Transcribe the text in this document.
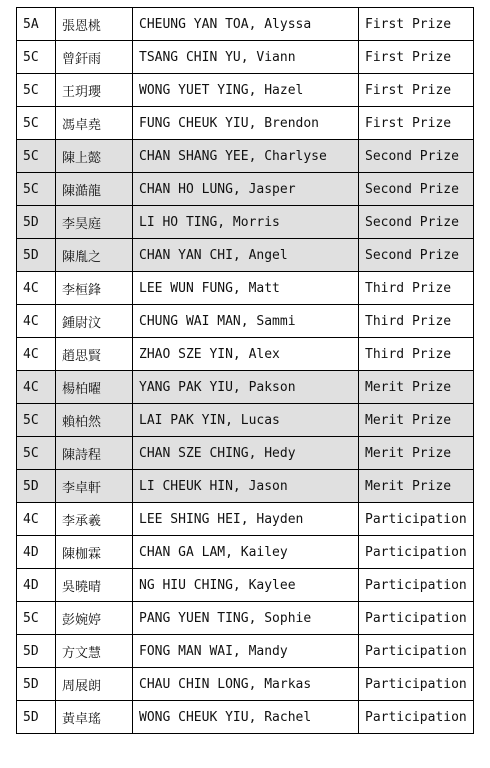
5A	張恩桃	CHEUNG YAN TOA, Alyssa	First Prize
5C	曾釬雨	TSANG CHIN YU, Viann	First Prize
5C	王玥瓔	WONG YUET YING, Hazel	First Prize
5C	馮卓堯	FUNG CHEUK YIU, Brendon	First Prize
5C	陳上懿	CHAN SHANG YEE, Charlyse	Second Prize
5C	陳澔龍	CHAN HO LUNG, Jasper	Second Prize
5D	李昊庭	LI HO TING, Morris	Second Prize
5D	陳胤之	CHAN YAN CHI, Angel	Second Prize
4C	李桓鋒	LEE WUN FUNG, Matt	Third Prize
4C	鍾尉汶	CHUNG WAI MAN, Sammi	Third Prize
4C	趙思賢	ZHAO SZE YIN, Alex	Third Prize
4C	楊柏曜	YANG PAK YIU, Pakson	Merit Prize
5C	賴柏然	LAI PAK YIN, Lucas	Merit Prize
5C	陳詩程	CHAN SZE CHING, Hedy	Merit Prize
5D	李卓軒	LI CHEUK HIN, Jason	Merit Prize
4C	李承羲	LEE SHING HEI, Hayden	Participation
4D	陳枷霖	CHAN GA LAM, Kailey	Participation
4D	吳曉晴	NG HIU CHING, Kaylee	Participation
5C	彭婉婷	PANG YUEN TING, Sophie	Participation
5D	方文慧	FONG MAN WAI, Mandy	Participation
5D	周展朗	CHAU CHIN LONG, Markas	Participation
5D	黃卓瑤	WONG CHEUK YIU, Rachel	Participation
